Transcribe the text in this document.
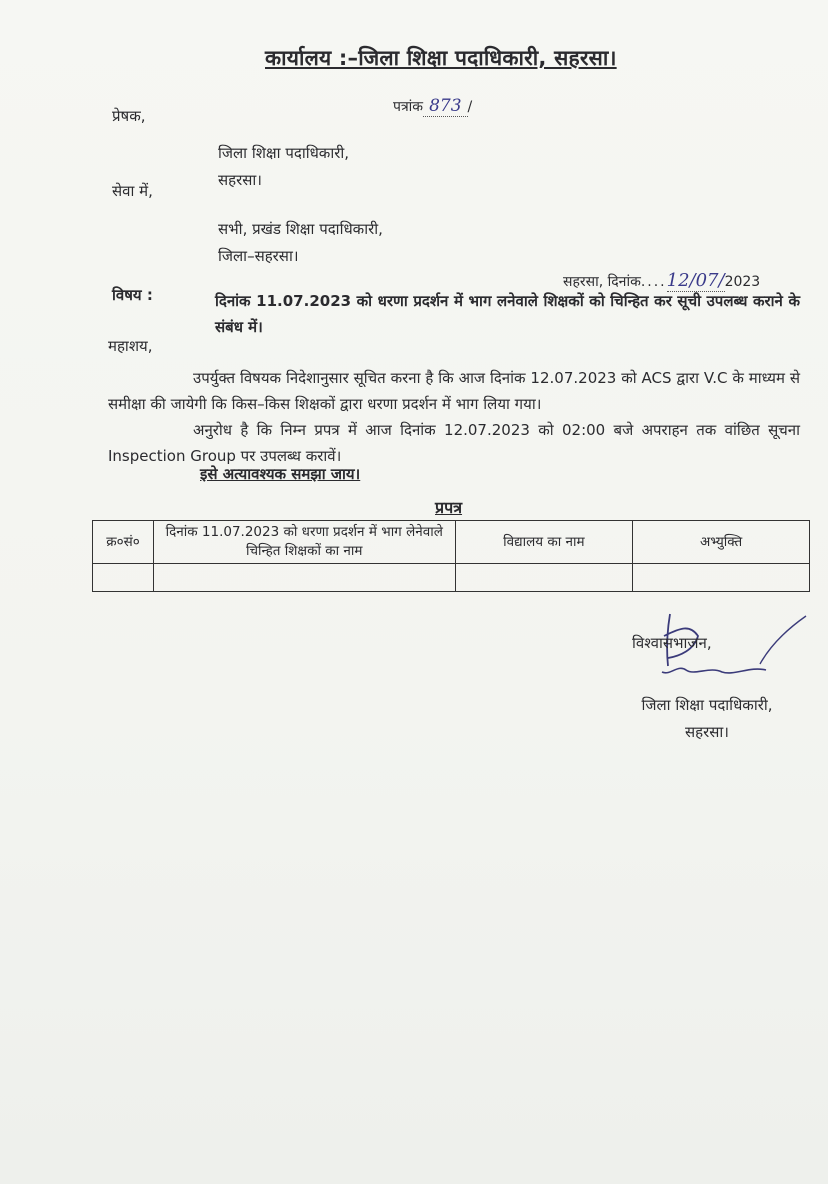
कार्यालय :–जिला शिक्षा पदाधिकारी, सहरसा।
पत्रांक 873 /
प्रेषक,
जिला शिक्षा पदाधिकारी,
सहरसा।
सेवा में,
सभी, प्रखंड शिक्षा पदाधिकारी,
जिला–सहरसा।
सहरसा, दिनांक....12/07/2023
विषय :	दिनांक 11.07.2023 को धरणा प्रदर्शन में भाग लनेवाले शिक्षकों को चिन्हित कर सूची उपलब्ध कराने के संबंध में।
महाशय,

उपर्युक्त विषयक निदेशानुसार सूचित करना है कि आज दिनांक 12.07.2023 को ACS द्वारा V.C के माध्यम से समीक्षा की जायेगी कि किस–किस शिक्षकों द्वारा धरणा प्रदर्शन में भाग लिया गया।

अनुरोध है कि निम्न प्रपत्र में आज दिनांक 12.07.2023 को 02:00 बजे अपराहन तक वांछित सूचना Inspection Group पर उपलब्ध करावें।

इसे अत्यावश्यक समझा जाय।
प्रपत्र
क्र०सं०	दिनांक 11.07.2023 को धरणा प्रदर्शन में भाग लेनेवाले चिन्हित शिक्षकों का नाम	विद्यालय का नाम	अभ्युक्ति

विश्वासभाजन,
जिला शिक्षा पदाधिकारी,
सहरसा।
